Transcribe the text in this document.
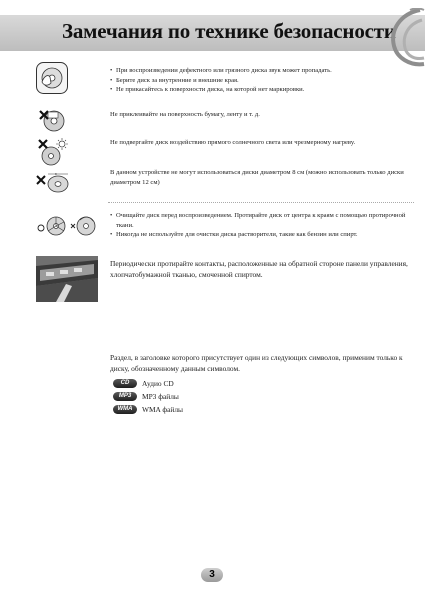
Замечания по технике безопасности
• При воспроизведении дефектного или грязного диска звук может пропадать.
• Берите диск за внутренние и внешние края.
• Не прикасайтесь к поверхности диска, на которой нет маркировки.
Не приклеивайте на поверхность бумагу, ленту и т. д.
Не подвергайте диск воздействию прямого солнечного света или чрезмерному нагреву.
8	В данном устройстве не могут использоваться диски диаметром 8 см (можно использовать только диски диаметром 12 см)
• Очищайте диск перед воспроизведением. Протирайте диск от центра к краям с помощью протирочной ткани.
• Никогда не используйте для очистки диска растворители, такие как бензин или спирт.
Периодически протирайте контакты, расположенные на обратной стороне панели управления, хлопчатобумажной тканью, смоченной спиртом.
Раздел, в заголовке которого присутствует один из следующих символов, применим только к диску, обозначенному данным символом.
CD	Аудио CD
MP3	MP3 файлы
WMA	WMA файлы
3
